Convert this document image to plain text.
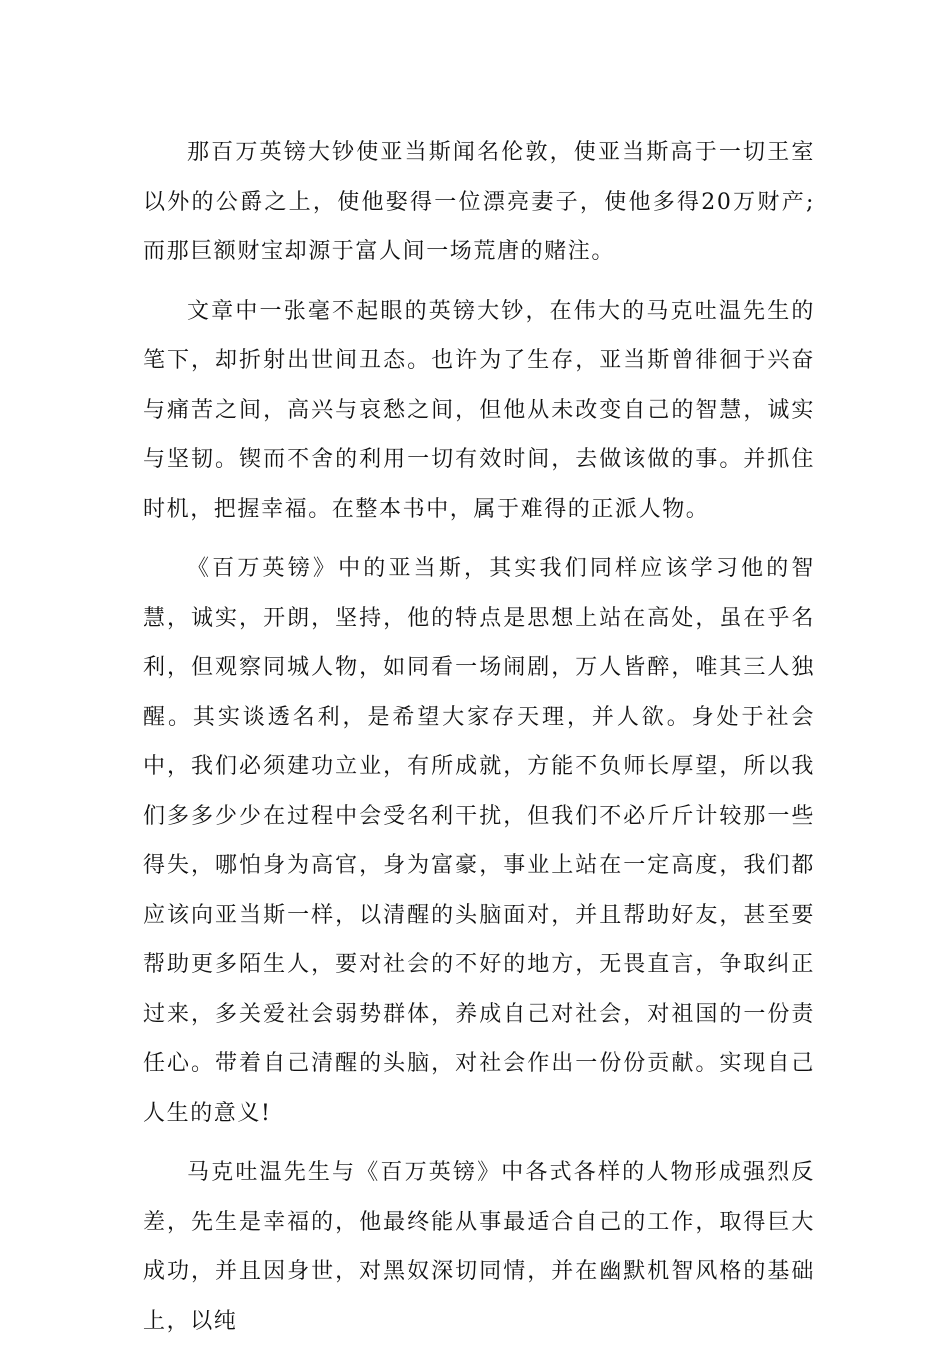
那百万英镑大钞使亚当斯闻名伦敦，使亚当斯高于一切王室以外的公爵之上，使他娶得一位漂亮妻子，使他多得20万财产;而那巨额财宝却源于富人间一场荒唐的赌注。

文章中一张毫不起眼的英镑大钞，在伟大的马克吐温先生的笔下，却折射出世间丑态。也许为了生存，亚当斯曾徘徊于兴奋与痛苦之间，高兴与哀愁之间，但他从未改变自己的智慧，诚实与坚韧。锲而不舍的利用一切有效时间，去做该做的事。并抓住时机，把握幸福。在整本书中，属于难得的正派人物。

《百万英镑》中的亚当斯，其实我们同样应该学习他的智慧，诚实，开朗，坚持，他的特点是思想上站在高处，虽在乎名利，但观察同城人物，如同看一场闹剧，万人皆醉，唯其三人独醒。其实谈透名利，是希望大家存天理，并人欲。身处于社会中，我们必须建功立业，有所成就，方能不负师长厚望，所以我们多多少少在过程中会受名利干扰，但我们不必斤斤计较那一些得失，哪怕身为高官，身为富豪，事业上站在一定高度，我们都应该向亚当斯一样，以清醒的头脑面对，并且帮助好友，甚至要帮助更多陌生人，要对社会的不好的地方，无畏直言，争取纠正过来，多关爱社会弱势群体，养成自己对社会，对祖国的一份责任心。带着自己清醒的头脑，对社会作出一份份贡献。实现自己人生的意义!

马克吐温先生与《百万英镑》中各式各样的人物形成强烈反差，先生是幸福的，他最终能从事最适合自己的工作，取得巨大成功，并且因身世，对黑奴深切同情，并在幽默机智风格的基础上，以纯
